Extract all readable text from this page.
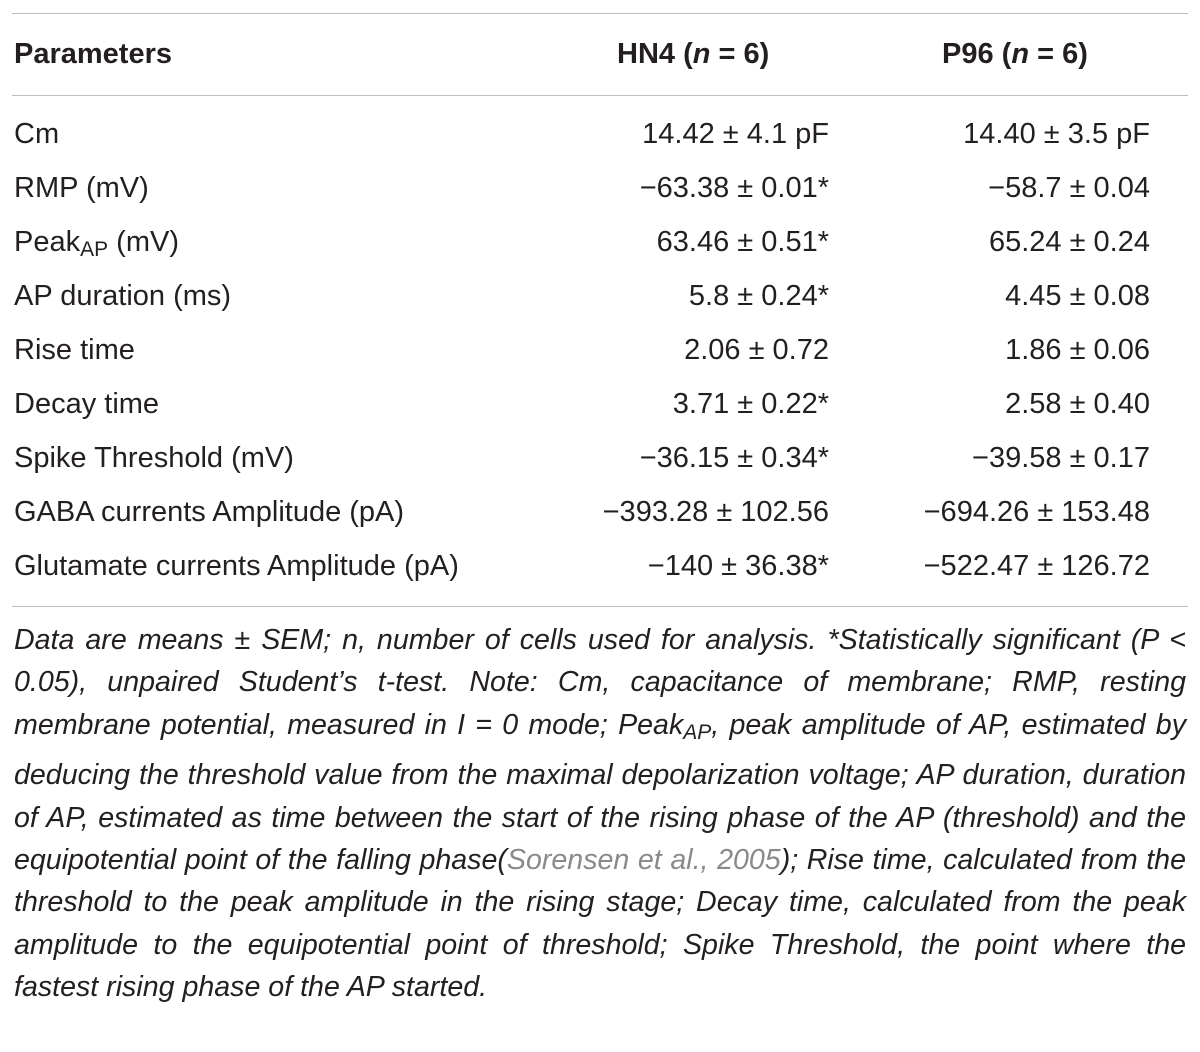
Parameters	HN4 (n = 6)	P96 (n = 6)
Cm	14.42 ± 4.1 pF	14.40 ± 3.5 pF
RMP (mV)	−63.38 ± 0.01*	−58.7 ± 0.04
Peak$_{AP}$ (mV)	63.46 ± 0.51*	65.24 ± 0.24
AP duration (ms)	5.8 ± 0.24*	4.45 ± 0.08
Rise time	2.06 ± 0.72	1.86 ± 0.06
Decay time	3.71 ± 0.22*	2.58 ± 0.40
Spike Threshold (mV)	−36.15 ± 0.34*	−39.58 ± 0.17
GABA currents Amplitude (pA)	−393.28 ± 102.56	−694.26 ± 153.48
Glutamate currents Amplitude (pA)	−140 ± 36.38*	−522.47 ± 126.72

Data are means ± SEM; n, number of cells used for analysis. *Statistically significant (P < 0.05), unpaired Student’s t-test. Note: Cm, capacitance of membrane; RMP, resting membrane potential, measured in I = 0 mode; Peak$_{AP}$, peak amplitude of AP, estimated by deducing the threshold value from the maximal depolarization voltage; AP duration, duration of AP, estimated as time between the start of the rising phase of the AP (threshold) and the equipotential point of the falling phase(Sorensen et al., 2005); Rise time, calculated from the threshold to the peak amplitude in the rising stage; Decay time, calculated from the peak amplitude to the equipotential point of threshold; Spike Threshold, the point where the fastest rising phase of the AP started.
